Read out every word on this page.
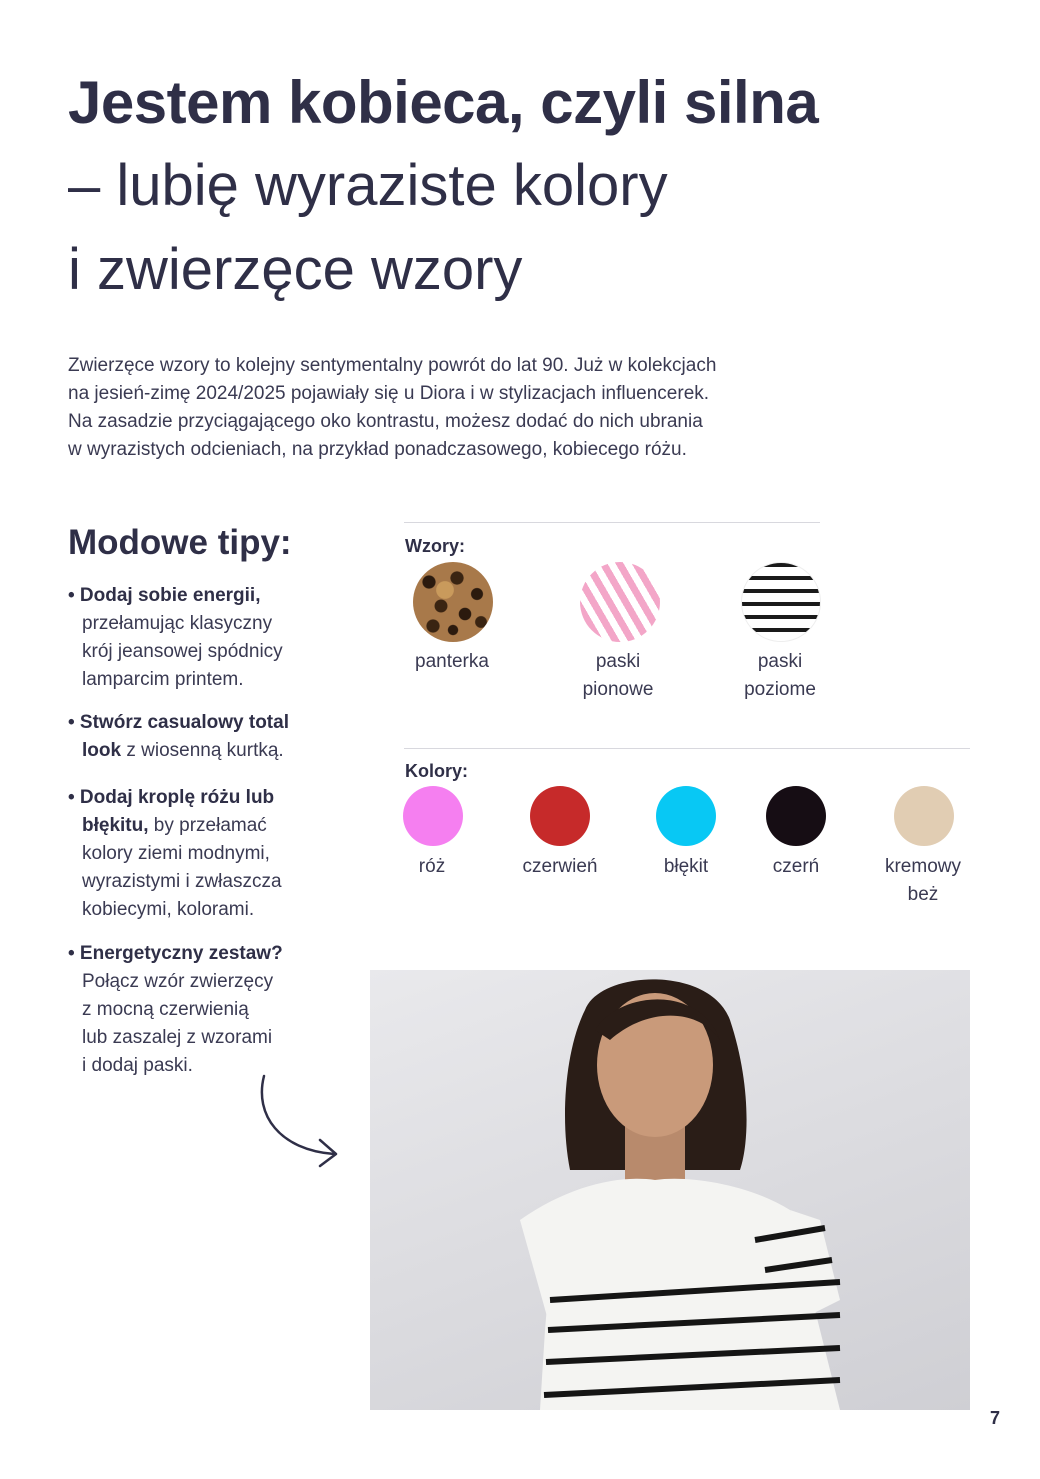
Jestem kobieca, czyli silna
– lubię wyraziste kolory
i zwierzęce wzory
Zwierzęce wzory to kolejny sentymentalny powrót do lat 90. Już w kolekcjach
na jesień-zimę 2024/2025 pojawiały się u Diora i w stylizacjach influencerek.
Na zasadzie przyciągającego oko kontrastu, możesz dodać do nich ubrania
w wyrazistych odcieniach, na przykład ponadczasowego, kobiecego różu.
Modowe tipy:
• Dodaj sobie energii,
przełamując klasyczny
krój jeansowej spódnicy
lamparcim printem.
• Stwórz casualowy total
look z wiosenną kurtką.
• Dodaj kroplę różu lub
błękitu, by przełamać
kolory ziemi modnymi,
wyrazistymi i zwłaszcza
kobiecymi, kolorami.
• Energetyczny zestaw?
Połącz wzór zwierzęcy
z mocną czerwienią
lub zaszalej z wzorami
i dodaj paski.
Wzory:
panterka	paski
pionowe
paski
poziome
Kolory:
róż	czerwień	błękit	czerń	kremowy
beż
7
